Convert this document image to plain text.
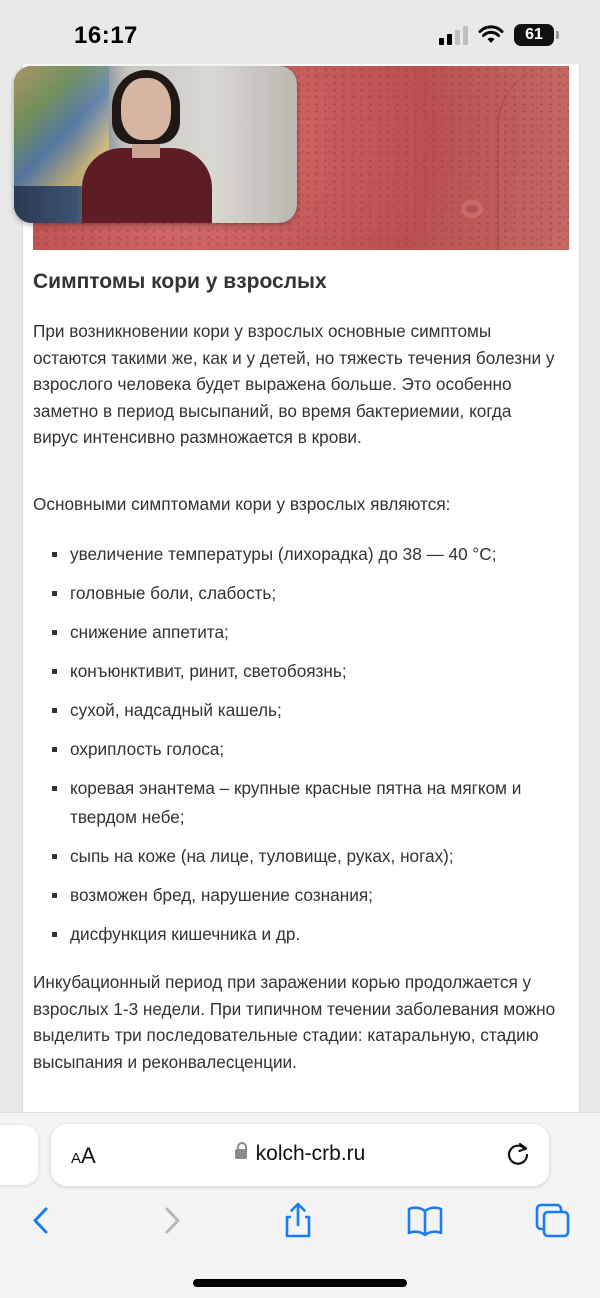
16:17	61
Симптомы кори у взрослых

При возникновении кори у взрослых основные симптомы остаются такими же, как и у детей, но тяжесть течения болезни у взрослого человека будет выражена больше. Это особенно заметно в период высыпаний, во время бактериемии, когда вирус интенсивно размножается в крови.

Основными симптомами кори у взрослых являются:

увеличение температуры (лихорадка) до 38 — 40 °C;
головные боли, слабость;
снижение аппетита;
конъюнктивит, ринит, светобоязнь;
сухой, надсадный кашель;
охриплость голоса;
коревая энантема – крупные красные пятна на мягком и твердом небе;
сыпь на коже (на лице, туловище, руках, ногах);
возможен бред, нарушение сознания;
дисфункция кишечника и др.

Инкубационный период при заражении корью продолжается у взрослых 1-3 недели. При типичном течении заболевания можно выделить три последовательные стадии: катаральную, стадию высыпания и реконвалесценции.

AA	kolch-crb.ru
